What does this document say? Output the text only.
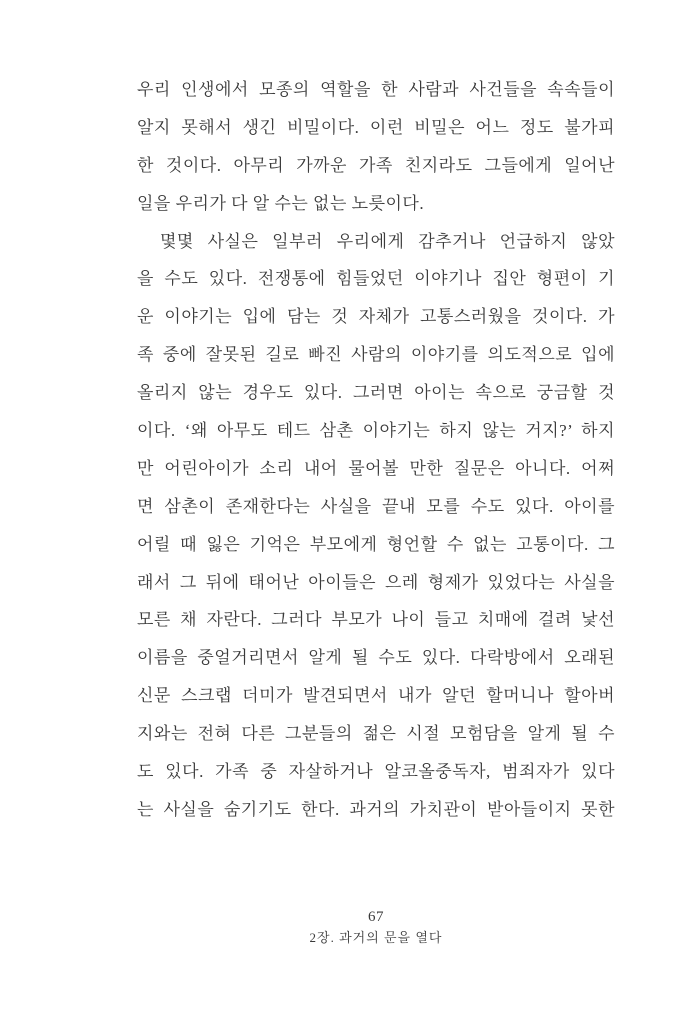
우리 인생에서 모종의 역할을 한 사람과 사건들을 속속들이
알지 못해서 생긴 비밀이다. 이런 비밀은 어느 정도 불가피
한 것이다. 아무리 가까운 가족 친지라도 그들에게 일어난
일을 우리가 다 알 수는 없는 노릇이다.
몇몇 사실은 일부러 우리에게 감추거나 언급하지 않았
을 수도 있다. 전쟁통에 힘들었던 이야기나 집안 형편이 기
운 이야기는 입에 담는 것 자체가 고통스러웠을 것이다. 가
족 중에 잘못된 길로 빠진 사람의 이야기를 의도적으로 입에
올리지 않는 경우도 있다. 그러면 아이는 속으로 궁금할 것
이다. ‘왜 아무도 테드 삼촌 이야기는 하지 않는 거지?’ 하지
만 어린아이가 소리 내어 물어볼 만한 질문은 아니다. 어쩌
면 삼촌이 존재한다는 사실을 끝내 모를 수도 있다. 아이를
어릴 때 잃은 기억은 부모에게 형언할 수 없는 고통이다. 그
래서 그 뒤에 태어난 아이들은 으레 형제가 있었다는 사실을
모른 채 자란다. 그러다 부모가 나이 들고 치매에 걸려 낯선
이름을 중얼거리면서 알게 될 수도 있다. 다락방에서 오래된
신문 스크랩 더미가 발견되면서 내가 알던 할머니나 할아버
지와는 전혀 다른 그분들의 젊은 시절 모험담을 알게 될 수
도 있다. 가족 중 자살하거나 알코올중독자, 범죄자가 있다
는 사실을 숨기기도 한다. 과거의 가치관이 받아들이지 못한
67
2장. 과거의 문을 열다
